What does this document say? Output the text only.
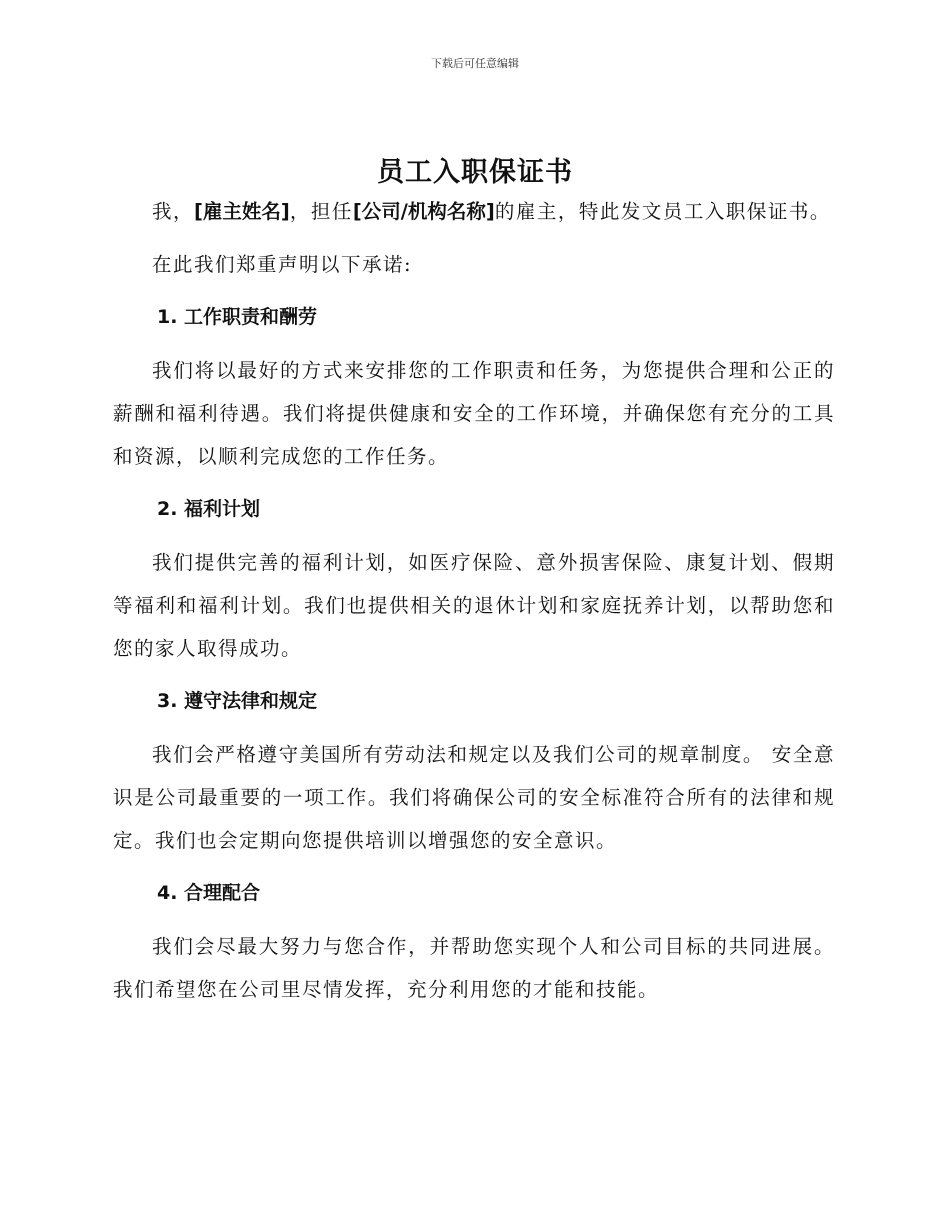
下载后可任意编辑
员工入职保证书

我，[雇主姓名]，担任[公司/机构名称]的雇主，特此发文员工入职保证书。

在此我们郑重声明以下承诺:

1. 工作职责和酬劳

我们将以最好的方式来安排您的工作职责和任务，为您提供合理和公正的薪酬和福利待遇。我们将提供健康和安全的工作环境，并确保您有充分的工具和资源，以顺利完成您的工作任务。

2. 福利计划

我们提供完善的福利计划，如医疗保险、意外损害保险、康复计划、假期等福利和福利计划。我们也提供相关的退休计划和家庭抚养计划，以帮助您和您的家人取得成功。

3. 遵守法律和规定

我们会严格遵守美国所有劳动法和规定以及我们公司的规章制度。 安全意识是公司最重要的一项工作。我们将确保公司的安全标准符合所有的法律和规定。我们也会定期向您提供培训以增强您的安全意识。

4. 合理配合

我们会尽最大努力与您合作，并帮助您实现个人和公司目标的共同进展。我们希望您在公司里尽情发挥，充分利用您的才能和技能。
